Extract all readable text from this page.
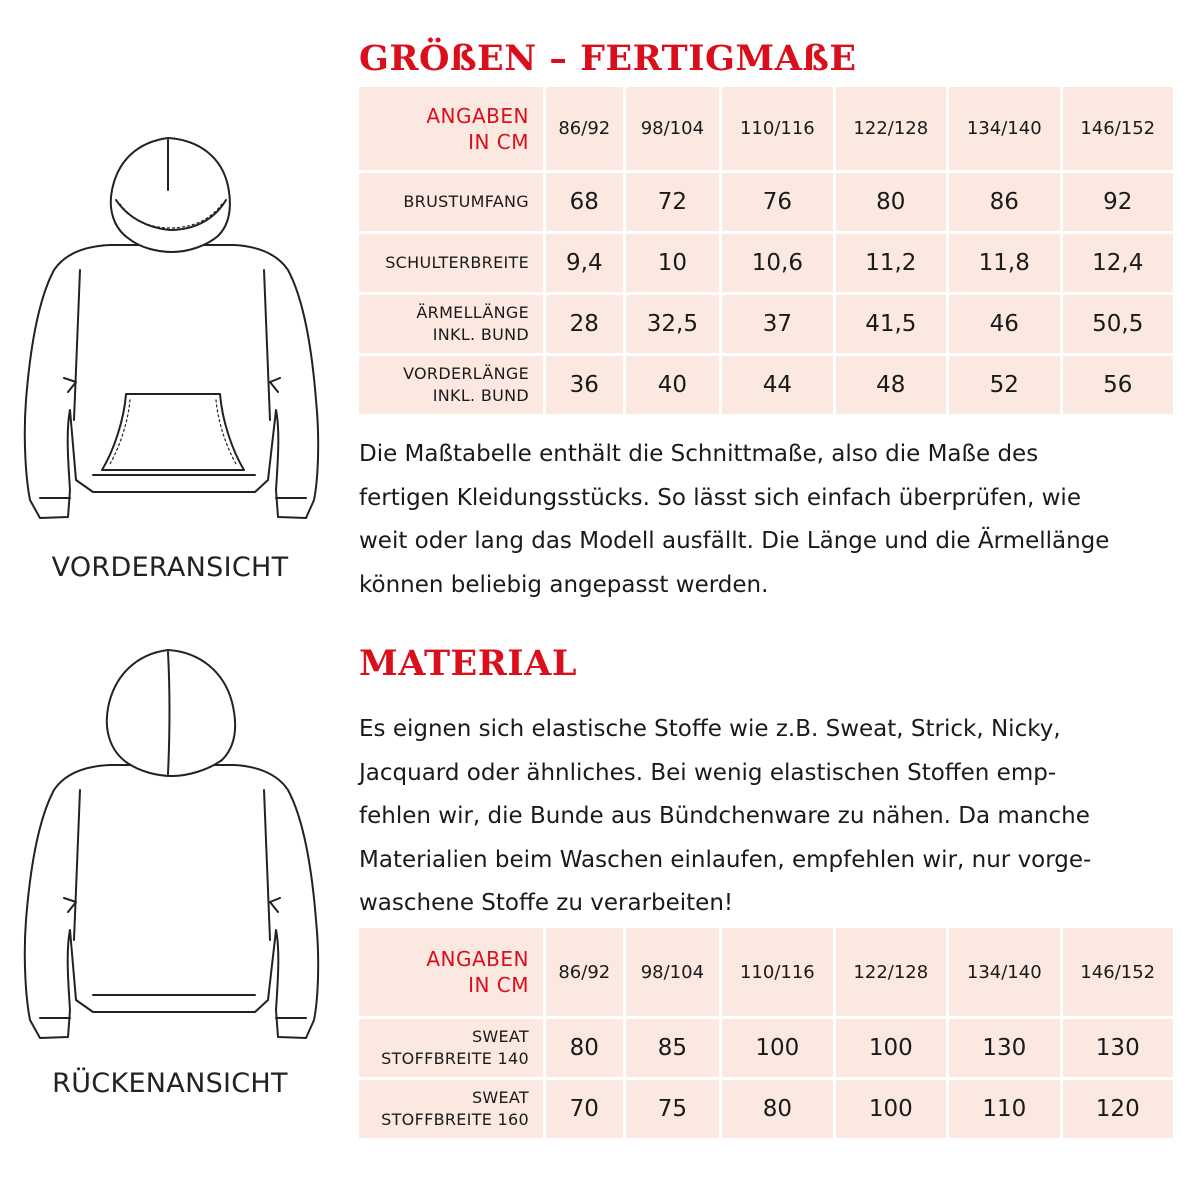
VORDERANSICHT
RÜCKENANSICHT
GRÖßEN – FERTIGMAßE
ANGABEN
IN CM	86/92	98/104	110/116	122/128	134/140	146/152

BRUSTUMFANG	68	72	76	80	86	92

SCHULTERBREITE	9,4	10	10,6	11,2	11,8	12,4

ÄRMELLÄNGE
INKL. BUND	28	32,5	37	41,5	46	50,5

VORDERLÄNGE
INKL. BUND	36	40	44	48	52	56

Die Maßtabelle enthält die Schnittmaße, also die Maße des
fertigen Kleidungsstücks. So lässt sich einfach überprüfen, wie
weit oder lang das Modell ausfällt. Die Länge und die Ärmellänge
können beliebig angepasst werden.

MATERIAL

Es eignen sich elastische Stoffe wie z.B. Sweat, Strick, Nicky,
Jacquard oder ähnliches. Bei wenig elastischen Stoffen emp-
fehlen wir, die Bunde aus Bündchenware zu nähen. Da manche
Materialien beim Waschen einlaufen, empfehlen wir, nur vorge-
waschene Stoffe zu verarbeiten!

ANGABEN
IN CM	86/92	98/104	110/116	122/128	134/140	146/152

SWEAT
STOFFBREITE 140	80	85	100	100	130	130

SWEAT
STOFFBREITE 160	70	75	80	100	110	120
